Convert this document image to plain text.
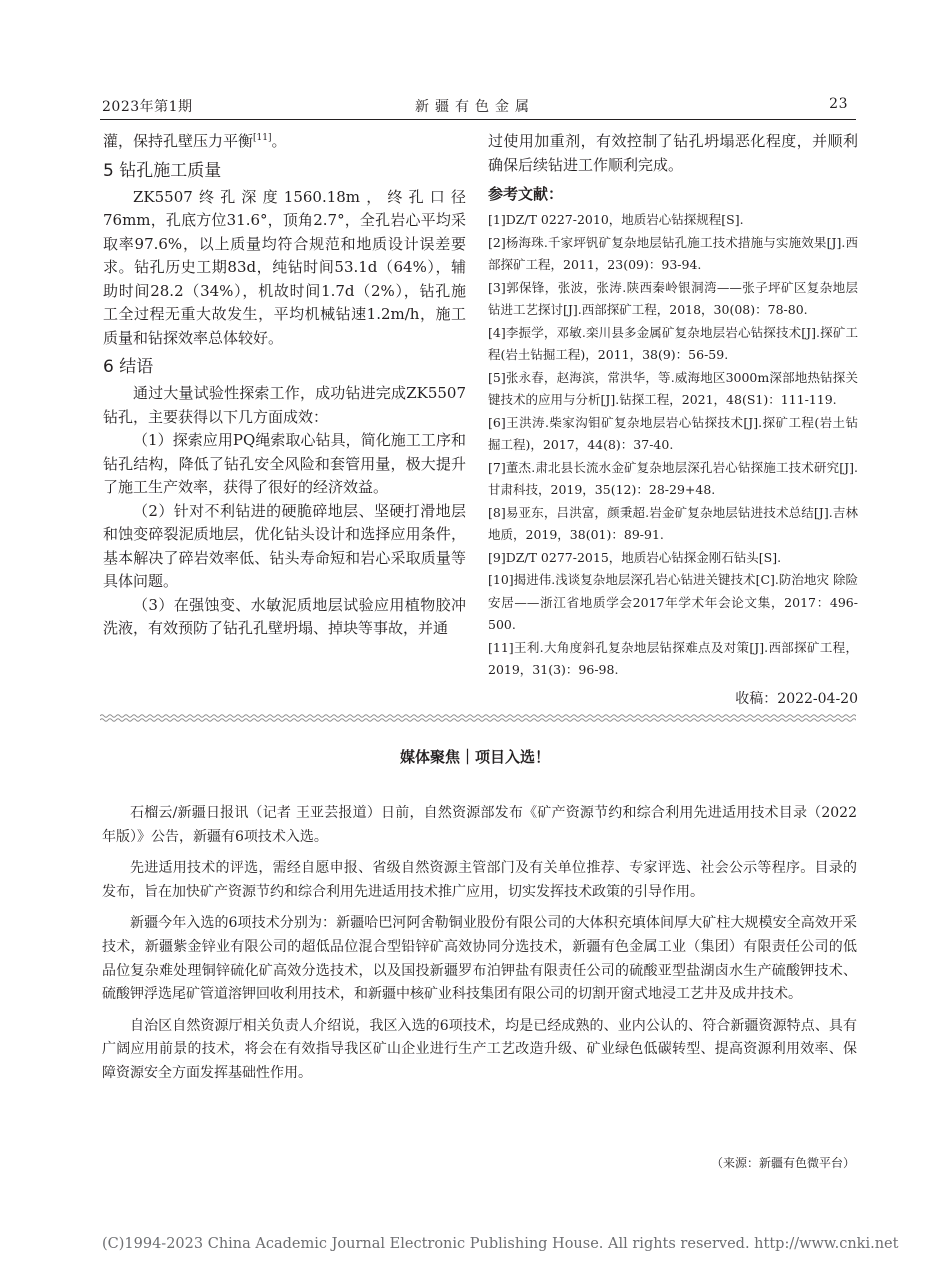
2023年第1期	新疆有色金属	23

灌，保持孔壁压力平衡[11]。

5 钻孔施工质量

ZK5507终孔深度1560.18m，终孔口径76mm，孔底方位31.6°，顶角2.7°，全孔岩心平均采取率97.6%，以上质量均符合规范和地质设计误差要求。钻孔历史工期83d，纯钻时间53.1d（64%），辅助时间28.2（34%），机故时间1.7d（2%），钻孔施工全过程无重大故发生，平均机械钻速1.2m/h，施工质量和钻探效率总体较好。

6 结语

通过大量试验性探索工作，成功钻进完成ZK5507钻孔，主要获得以下几方面成效：

（1）探索应用PQ绳索取心钻具，简化施工工序和钻孔结构，降低了钻孔安全风险和套管用量，极大提升了施工生产效率，获得了很好的经济效益。

（2）针对不利钻进的硬脆碎地层、坚硬打滑地层和蚀变碎裂泥质地层，优化钻头设计和选择应用条件，基本解决了碎岩效率低、钻头寿命短和岩心采取质量等具体问题。

（3）在强蚀变、水敏泥质地层试验应用植物胶冲洗液，有效预防了钻孔孔壁坍塌、掉块等事故，并通

过使用加重剂，有效控制了钻孔坍塌恶化程度，并顺利确保后续钻进工作顺利完成。

参考文献：

[1]DZ/T 0227-2010，地质岩心钻探规程[S].

[2]杨海珠.千家坪钒矿复杂地层钻孔施工技术措施与实施效果[J].西部探矿工程，2011，23(09)：93-94.

[3]郭保锋，张波，张涛.陕西秦岭银洞湾——张子坪矿区复杂地层钻进工艺探讨[J].西部探矿工程，2018，30(08)：78-80.

[4]李振学，邓敏.栾川县多金属矿复杂地层岩心钻探技术[J].探矿工程(岩土钻掘工程)，2011，38(9)：56-59.

[5]张永春，赵海滨，常洪华，等.威海地区3000m深部地热钻探关键技术的应用与分析[J].钻探工程，2021，48(S1)：111-119.

[6]王洪涛.柴家沟钼矿复杂地层岩心钻探技术[J].探矿工程(岩土钻掘工程)，2017，44(8)：37-40.

[7]董杰.肃北县长流水金矿复杂地层深孔岩心钻探施工技术研究[J].甘肃科技，2019，35(12)：28-29+48.

[8]易亚东，吕洪富，颜秉超.岩金矿复杂地层钻进技术总结[J].吉林地质，2019，38(01)：89-91.

[9]DZ/T 0277-2015，地质岩心钻探金刚石钻头[S].

[10]揭进伟.浅谈复杂地层深孔岩心钻进关键技术[C].防治地灾 除险安居——浙江省地质学会2017年学术年会论文集，2017：496-500.

[11]王利.大角度斜孔复杂地层钻探难点及对策[J].西部探矿工程，2019，31(3)：96-98.

收稿：2022-04-20
媒体聚焦｜项目入选！

石榴云/新疆日报讯（记者 王亚芸报道）日前，自然资源部发布《矿产资源节约和综合利用先进适用技术目录（2022年版）》公告，新疆有6项技术入选。

先进适用技术的评选，需经自愿申报、省级自然资源主管部门及有关单位推荐、专家评选、社会公示等程序。目录的发布，旨在加快矿产资源节约和综合利用先进适用技术推广应用，切实发挥技术政策的引导作用。

新疆今年入选的6项技术分别为：新疆哈巴河阿舍勒铜业股份有限公司的大体积充填体间厚大矿柱大规模安全高效开采技术，新疆紫金锌业有限公司的超低品位混合型铅锌矿高效协同分选技术，新疆有色金属工业（集团）有限责任公司的低品位复杂难处理铜锌硫化矿高效分选技术，以及国投新疆罗布泊钾盐有限责任公司的硫酸亚型盐湖卤水生产硫酸钾技术、硫酸钾浮选尾矿管道溶钾回收利用技术，和新疆中核矿业科技集团有限公司的切割开窗式地浸工艺井及成井技术。

自治区自然资源厅相关负责人介绍说，我区入选的6项技术，均是已经成熟的、业内公认的、符合新疆资源特点、具有广阔应用前景的技术，将会在有效指导我区矿山企业进行生产工艺改造升级、矿业绿色低碳转型、提高资源利用效率、保障资源安全方面发挥基础性作用。

（来源：新疆有色微平台）
(C)1994-2023 China Academic Journal Electronic Publishing House. All rights reserved. http://www.cnki.net
